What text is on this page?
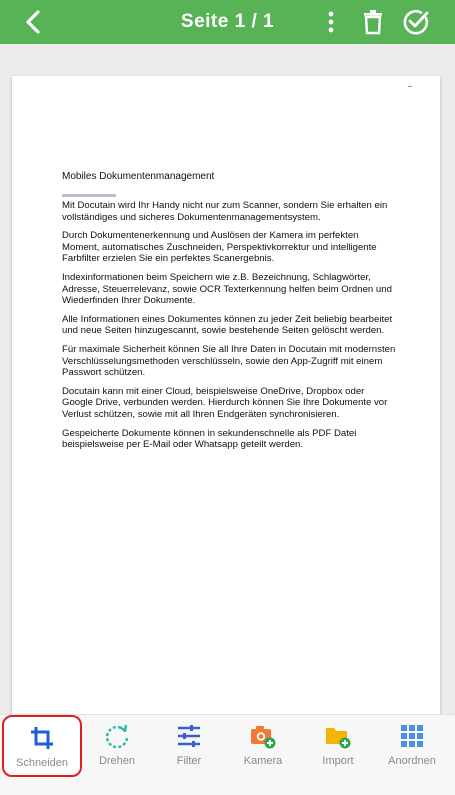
Seite 1 / 1
Mobiles Dokumentenmanagement

Mit Docutain wird Ihr Handy nicht nur zum Scanner, sondern Sie erhalten ein vollständiges und sicheres Dokumentenmanagementsystem.

Durch Dokumentenerkennung und Auslösen der Kamera im perfekten Moment, automatisches Zuschneiden, Perspektivkorrektur und intelligente Farbfilter erzielen Sie ein perfektes Scanergebnis.

Indexinformationen beim Speichern wie z.B. Bezeichnung, Schlagwörter, Adresse, Steuerrelevanz, sowie OCR Texterkennung helfen beim Ordnen und Wiederfinden Ihrer Dokumente.

Alle Informationen eines Dokumentes können zu jeder Zeit beliebig bearbeitet und neue Seiten hinzugescannt, sowie bestehende Seiten gelöscht werden.

Für maximale Sicherheit können Sie all Ihre Daten in Docutain mit modernsten Verschlüsselungsmethoden verschlüsseln, sowie den App-Zugriff mit einem Passwort schützen.

Docutain kann mit einer Cloud, beispielsweise OneDrive, Dropbox oder Google Drive, verbunden werden. Hierdurch können Sie Ihre Dokumente vor Verlust schützen, sowie mit all Ihren Endgeräten synchronisieren.

Gespeicherte Dokumente können in sekundenschnelle als PDF Datei beispielsweise per E-Mail oder Whatsapp geteilt werden.

Schneiden	Drehen	Filter	Kamera	Import	Anordnen
